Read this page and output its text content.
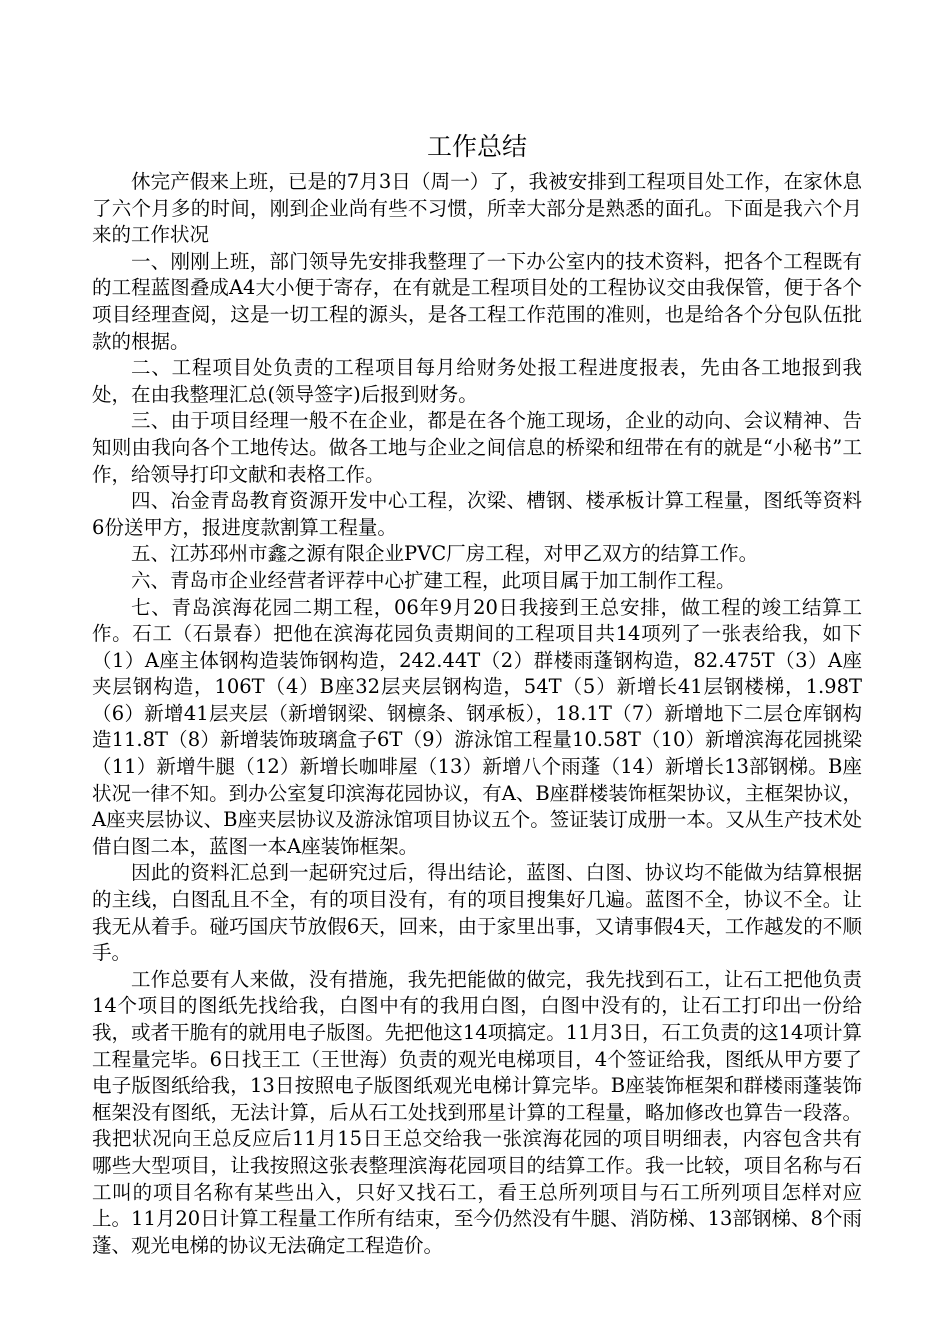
工作总结

休完产假来上班，已是的7月3日（周一）了，我被安排到工程项目处工作，在家休息了六个月多的时间，刚到企业尚有些不习惯，所幸大部分是熟悉的面孔。下面是我六个月来的工作状况

一、刚刚上班，部门领导先安排我整理了一下办公室内的技术资料，把各个工程既有的工程蓝图叠成A4大小便于寄存，在有就是工程项目处的工程协议交由我保管，便于各个项目经理查阅，这是一切工程的源头，是各工程工作范围的准则，也是给各个分包队伍批款的根据。

二、工程项目处负责的工程项目每月给财务处报工程进度报表，先由各工地报到我处，在由我整理汇总(领导签字)后报到财务。

三、由于项目经理一般不在企业，都是在各个施工现场，企业的动向、会议精神、告知则由我向各个工地传达。做各工地与企业之间信息的桥梁和纽带在有的就是“小秘书”工作，给领导打印文献和表格工作。

四、冶金青岛教育资源开发中心工程，次梁、槽钢、楼承板计算工程量，图纸等资料6份送甲方，报进度款割算工程量。

五、江苏邳州市鑫之源有限企业PVC厂房工程，对甲乙双方的结算工作。

六、青岛市企业经营者评荐中心扩建工程，此项目属于加工制作工程。

七、青岛滨海花园二期工程，06年9月20日我接到王总安排，做工程的竣工结算工作。石工（石景春）把他在滨海花园负责期间的工程项目共14项列了一张表给我，如下（1）A座主体钢构造装饰钢构造，242.44T（2）群楼雨蓬钢构造，82.475T（3）A座夹层钢构造，106T（4）B座32层夹层钢构造，54T（5）新增长41层钢楼梯，1.98T（6）新增41层夹层（新增钢梁、钢檩条、钢承板），18.1T（7）新增地下二层仓库钢构造11.8T（8）新增装饰玻璃盒子6T（9）游泳馆工程量10.58T（10）新增滨海花园挑梁（11）新增牛腿（12）新增长咖啡屋（13）新增八个雨蓬（14）新增长13部钢梯。B座状况一律不知。到办公室复印滨海花园协议，有A、B座群楼装饰框架协议，主框架协议，A座夹层协议、B座夹层协议及游泳馆项目协议五个。签证装订成册一本。又从生产技术处借白图二本，蓝图一本A座装饰框架。

因此的资料汇总到一起研究过后，得出结论，蓝图、白图、协议均不能做为结算根据的主线，白图乱且不全，有的项目没有，有的项目搜集好几遍。蓝图不全，协议不全。让我无从着手。碰巧国庆节放假6天，回来，由于家里出事，又请事假4天，工作越发的不顺手。

工作总要有人来做，没有措施，我先把能做的做完，我先找到石工，让石工把他负责14个项目的图纸先找给我，白图中有的我用白图，白图中没有的，让石工打印出一份给我，或者干脆有的就用电子版图。先把他这14项搞定。11月3日，石工负责的这14项计算工程量完毕。6日找王工（王世海）负责的观光电梯项目，4个签证给我，图纸从甲方要了电子版图纸给我，13日按照电子版图纸观光电梯计算完毕。B座装饰框架和群楼雨蓬装饰框架没有图纸，无法计算，后从石工处找到邢星计算的工程量，略加修改也算告一段落。我把状况向王总反应后11月15日王总交给我一张滨海花园的项目明细表，内容包含共有哪些大型项目，让我按照这张表整理滨海花园项目的结算工作。我一比较，项目名称与石工叫的项目名称有某些出入，只好又找石工，看王总所列项目与石工所列项目怎样对应上。11月20日计算工程量工作所有结束，至今仍然没有牛腿、消防梯、13部钢梯、8个雨蓬、观光电梯的协议无法确定工程造价。
